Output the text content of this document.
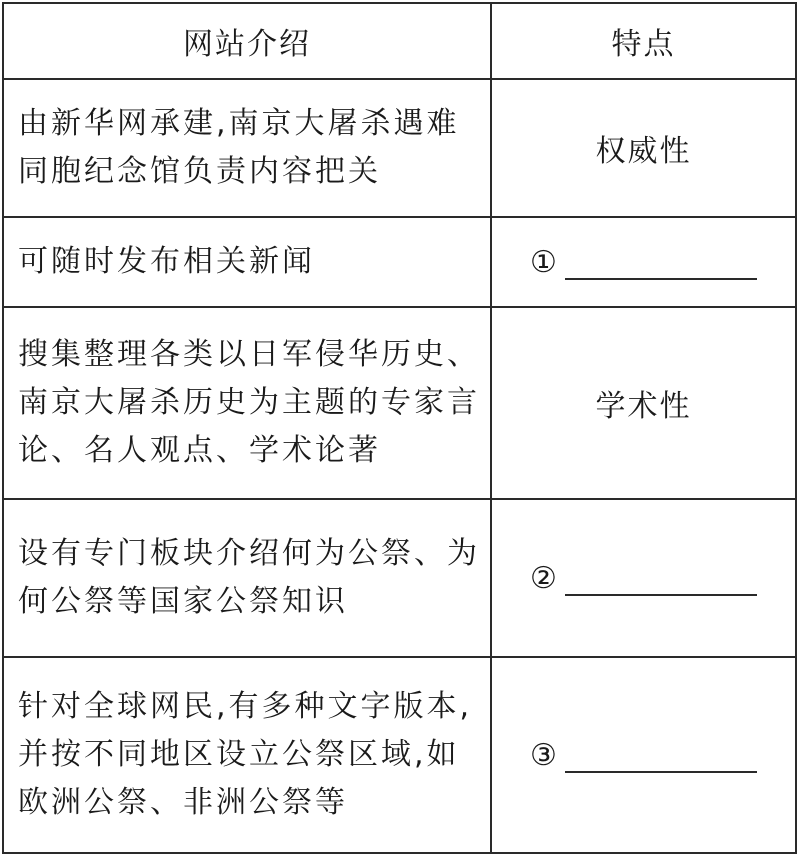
网站介绍	特点
由新华网承建,南京大屠杀遇难同胞纪念馆负责内容把关	权威性
可随时发布相关新闻	①

搜集整理各类以日军侵华历史、南京大屠杀历史为主题的专家言论、名人观点、学术论著	学术性
设有专门板块介绍何为公祭、为何公祭等国家公祭知识	②

针对全球网民,有多种文字版本,并按不同地区设立公祭区域,如欧洲公祭、非洲公祭等	③
